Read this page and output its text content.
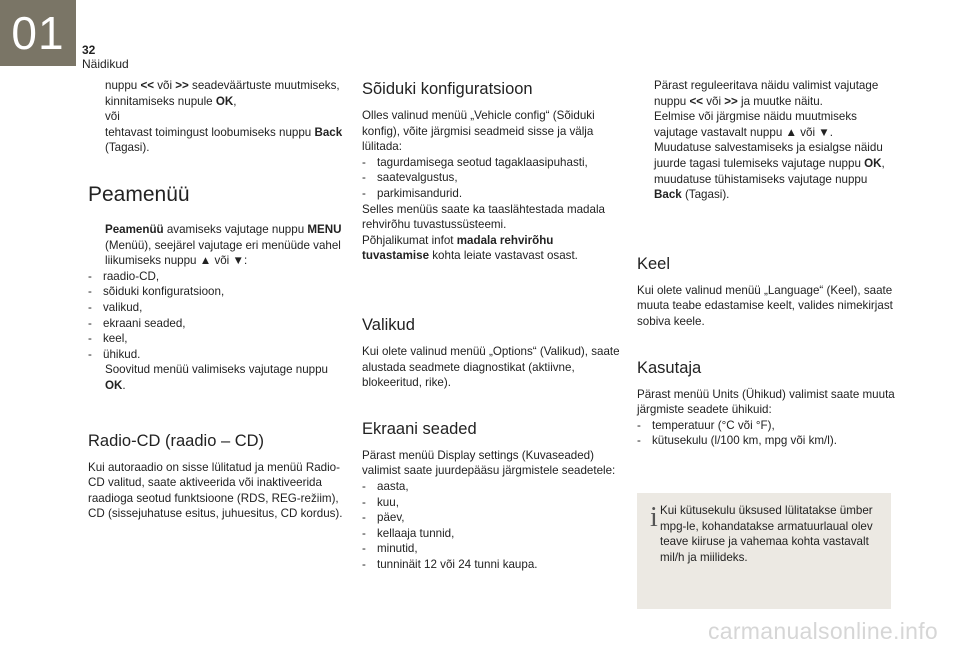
01	32
Näidikud
nuppu << või >> seadeväärtuste muutmiseks,
kinnitamiseks nupule OK,
või
tehtavast toimingust loobumiseks nuppu Back (Tagasi).
Peamenüü
Peamenüü avamiseks vajutage nuppu MENU (Menüü), seejärel vajutage eri menüüde vahel liikumiseks nuppu ▲ või ▼:
- raadio-CD,
- sõiduki konfiguratsioon,
- valikud,
- ekraani seaded,
- keel,
- ühikud.
Soovitud menüü valimiseks vajutage nuppu OK.
Radio-CD (raadio – CD)

Kui autoraadio on sisse lülitatud ja menüü Radio-CD valitud, saate aktiveerida või inaktiveerida raadioga seotud funktsioone (RDS, REG-režiim), CD (sissejuhatuse esitus, juhuesitus, CD kordus).

Sõiduki konfiguratsioon

Olles valinud menüü „Vehicle config“ (Sõiduki konfig), võite järgmisi seadmeid sisse ja välja lülitada:

- tagurdamisega seotud tagaklaasipuhasti,
- saatevalgustus,
- parkimisandurid.

Selles menüüs saate ka taaslähtestada madala rehvirõhu tuvastussüsteemi.

Põhjalikumat infot madala rehvirõhu tuvastamise kohta leiate vastavast osast.

Valikud

Kui olete valinud menüü „Options“ (Valikud), saate alustada seadmete diagnostikat (aktiivne, blokeeritud, rike).

Ekraani seaded

Pärast menüü Display settings (Kuvaseaded) valimist saate juurdepääsu järgmistele seadetele:

- aasta,
- kuu,
- päev,
- kellaaja tunnid,
- minutid,
- tunninäit 12 või 24 tunni kaupa.
Pärast reguleeritava näidu valimist vajutage nuppu << või >> ja muutke näitu.
Eelmise või järgmise näidu muutmiseks vajutage vastavalt nuppu ▲ või ▼.
Muudatuse salvestamiseks ja esialgse näidu juurde tagasi tulemiseks vajutage nuppu OK, muudatuse tühistamiseks vajutage nuppu Back (Tagasi).
Keel

Kui olete valinud menüü „Language“ (Keel), saate muuta teabe edastamise keelt, valides nimekirjast sobiva keele.

Kasutaja

Pärast menüü Units (Ühikud) valimist saate muuta järgmiste seadete ühikuid:

- temperatuur (°C või °F),
- kütusekulu (l/100 km, mpg või km/l).
i Kui kütusekulu üksused lülitatakse ümber mpg-le, kohandatakse armatuurlaual olev teave kiiruse ja vahemaa kohta vastavalt mil/h ja miilideks.
carmanualsonline.info
